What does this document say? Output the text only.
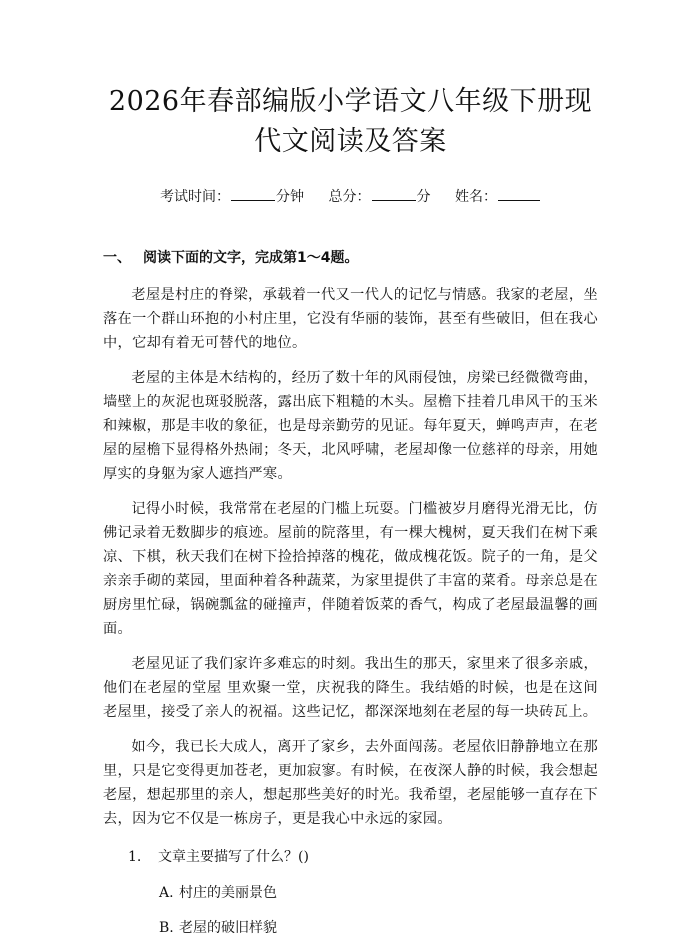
2026年春部编版小学语文八年级下册现代文阅读及答案
考试时间：	分钟 总分：	分 姓名：
一、 阅读下面的文字，完成第1～4题。

老屋是村庄的脊梁，承载着一代又一代人的记忆与情感。我家的老屋，坐落在一个群山环抱的小村庄里，它没有华丽的装饰，甚至有些破旧，但在我心中，它却有着无可替代的地位。

老屋的主体是木结构的，经历了数十年的风雨侵蚀，房梁已经微微弯曲，墙壁上的灰泥也斑驳脱落，露出底下粗糙的木头。屋檐下挂着几串风干的玉米和辣椒，那是丰收的象征，也是母亲勤劳的见证。每年夏天，蝉鸣声声，在老屋的屋檐下显得格外热闹；冬天，北风呼啸，老屋却像一位慈祥的母亲，用她厚实的身躯为家人遮挡严寒。

记得小时候，我常常在老屋的门槛上玩耍。门槛被岁月磨得光滑无比，仿佛记录着无数脚步的痕迹。屋前的院落里，有一棵大槐树，夏天我们在树下乘凉、下棋，秋天我们在树下捡拾掉落的槐花，做成槐花饭。院子的一角，是父亲亲手砌的菜园，里面种着各种蔬菜，为家里提供了丰富的菜肴。母亲总是在厨房里忙碌，锅碗瓢盆的碰撞声，伴随着饭菜的香气，构成了老屋最温馨的画面。

老屋见证了我们家许多难忘的时刻。我出生的那天，家里来了很多亲戚，他们在老屋的堂屋 里欢聚一堂，庆祝我的降生。我结婚的时候，也是在这间老屋里，接受了亲人的祝福。这些记忆，都深深地刻在老屋的每一块砖瓦上。

如今，我已长大成人，离开了家乡，去外面闯荡。老屋依旧静静地立在那里，只是它变得更加苍老，更加寂寥。有时候，在夜深人静的时候，我会想起老屋，想起那里的亲人，想起那些美好的时光。我希望，老屋能够一直存在下去，因为它不仅是一栋房子，更是我心中永远的家园。

1. 文章主要描写了什么？()
A. 村庄的美丽景色
B. 老屋的破旧样貌
